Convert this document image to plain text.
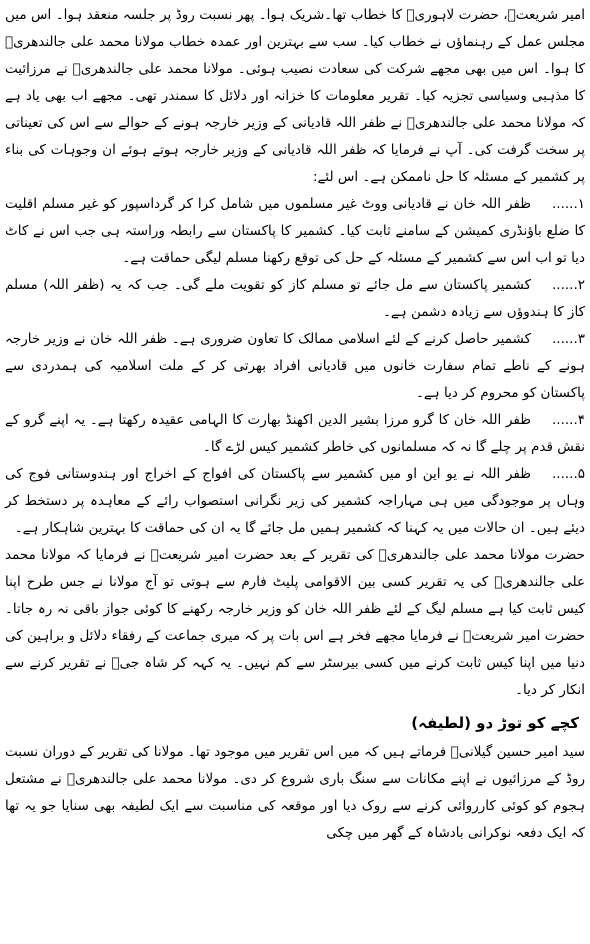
امیر شریعتؒ، حضرت لاہوریؒ کا خطاب تھا۔شریک ہوا۔ پھر نسبت روڈ پر جلسہ منعقد ہوا۔ اس میں مجلس عمل کے رہنماؤں نے خطاب کیا۔ سب سے بہترین اور عمدہ خطاب مولانا محمد علی جالندھریؒ کا ہوا۔ اس میں بھی مجھے شرکت کی سعادت نصیب ہوئی۔ مولانا محمد علی جالندھریؒ نے مرزائیت کا مذہبی وسیاسی تجزیہ کیا۔ تقریر معلومات کا خزانہ اور دلائل کا سمندر تھی۔ مجھے اب بھی یاد ہے کہ مولانا محمد علی جالندھریؒ نے ظفر اللہ قادیانی کے وزیر خارجہ ہونے کے حوالے سے اس کی تعیناتی پر سخت گرفت کی۔ آپ نے فرمایا کہ ظفر اللہ قادیانی کے وزیر خارجہ ہوتے ہوئے ان وجوہات کی بناء پر کشمیر کے مسئلہ کا حل ناممکن ہے۔ اس لئے:

۱......ظفر اللہ خان نے قادیانی ووٹ غیر مسلموں میں شامل کرا کر گرداسپور کو غیر مسلم اقلیت کا ضلع باؤنڈری کمیشن کے سامنے ثابت کیا۔ کشمیر کا پاکستان سے رابطہ وراستہ ہی جب اس نے کاٹ دیا تو اب اس سے کشمیر کے مسئلہ کے حل کی توقع رکھنا مسلم لیگی حماقت ہے۔

۲......کشمیر پاکستان سے مل جائے تو مسلم کاز کو تقویت ملے گی۔ جب کہ یہ (ظفر اللہ) مسلم کاز کا ہندوؤں سے زیادہ دشمن ہے۔

۳......کشمیر حاصل کرنے کے لئے اسلامی ممالک کا تعاون ضروری ہے۔ ظفر اللہ خان نے وزیر خارجہ ہونے کے ناطے تمام سفارت خانوں میں قادیانی افراد بھرتی کر کے ملت اسلامیہ کی ہمدردی سے پاکستان کو محروم کر دیا ہے۔

۴......ظفر اللہ خان کا گرو مرزا بشیر الدین اکھنڈ بھارت کا الہامی عقیدہ رکھتا ہے۔ یہ اپنے گرو کے نقش قدم پر چلے گا نہ کہ مسلمانوں کی خاطر کشمیر کیس لڑے گا۔

۵......ظفر اللہ نے یو این او میں کشمیر سے پاکستان کی افواج کے اخراج اور ہندوستانی فوج کی وہاں پر موجودگی میں ہی مہاراجہ کشمیر کی زیر نگرانی استصواب رائے کے معاہدہ پر دستخط کر دیئے ہیں۔ ان حالات میں یہ کہنا کہ کشمیر ہمیں مل جائے گا یہ ان کی حماقت کا بہترین شاہکار ہے۔

حضرت مولانا محمد علی جالندھریؒ کی تقریر کے بعد حضرت امیر شریعتؒ نے فرمایا کہ مولانا محمد علی جالندھریؒ کی یہ تقریر کسی بین الاقوامی پلیٹ فارم سے ہوتی تو آج مولانا نے جس طرح اپنا کیس ثابت کیا ہے مسلم لیگ کے لئے ظفر اللہ خان کو وزیر خارجہ رکھنے کا کوئی جواز باقی نہ رہ جاتا۔ حضرت امیر شریعتؒ نے فرمایا مجھے فخر ہے اس بات پر کہ میری جماعت کے رفقاء دلائل و براہین کی دنیا میں اپنا کیس ثابت کرنے میں کسی بیرسٹر سے کم نہیں۔ یہ کہہ کر شاہ جیؒ نے تقریر کرنے سے انکار کر دیا۔

کچے کو توڑ دو (لطیفہ)

سید امیر حسین گیلانیؒ فرماتے ہیں کہ میں اس تقریر میں موجود تھا۔ مولانا کی تقریر کے دوران نسبت روڈ کے مرزائیوں نے اپنے مکانات سے سنگ باری شروع کر دی۔ مولانا محمد علی جالندھریؒ نے مشتعل ہجوم کو کوئی کارروائی کرنے سے روک دیا اور موقعہ کی مناسبت سے ایک لطیفہ بھی سنایا جو یہ تھا کہ ایک دفعہ نوکرانی بادشاہ کے گھر میں چکی
